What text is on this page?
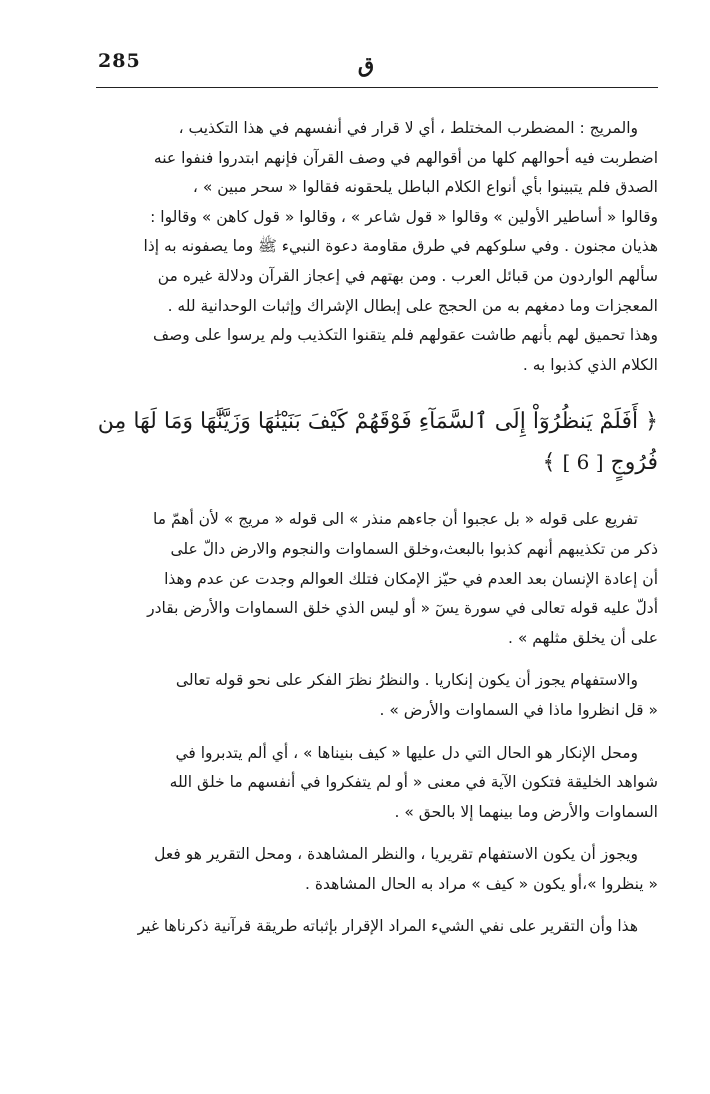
285	ق

والمريج : المضطرب المختلط ، أي لا قرار في أنفسهم في هذا التكذيب ،

اضطربت فيه أحوالهم كلها من أقوالهم في وصف القرآن فإنهم ابتدروا فنفوا عنه

الصدق فلم يتبينوا بأي أنواع الكلام الباطل يلحقونه فقالوا « سحر مبين » ،

وقالوا « أساطير الأولين » وقالوا « قول شاعر » ، وقالوا « قول كاهن » وقالوا :

هذيان مجنون . وفي سلوكهم في طرق مقاومة دعوة النبيء ﷺ وما يصفونه به إذا

سألهم الواردون من قبائل العرب . ومن بهتهم في إعجاز القرآن ودلالة غيره من

المعجزات وما دمغهم به من الحجج على إبطال الإشراك وإثبات الوحدانية لله .

وهذا تحميق لهم بأنهم طاشت عقولهم فلم يتقنوا التكذيب ولم يرسوا على وصف

الكلام الذي كذبوا به .

﴿ أَفَلَمْ يَنظُرُوٓاْ إِلَى ٱلسَّمَآءِ فَوْقَهُمْ كَيْفَ بَنَيْنَٰهَا وَزَيَّنَّٰهَا وَمَا لَهَا مِن
فُرُوجٍ [ 6 ] ﴾

تفريع على قوله « بل عجبوا أن جاءهم منذر » الى قوله « مريج » لأن أهمّ ما

ذكر من تكذيبهم أنهم كذبوا بالبعث،وخلق السماوات والنجوم والارض دالّ على

أن إعادة الإنسان بعد العدم في حيّز الإمكان فتلك العوالم وجدت عن عدم وهذا

أدلّ عليه قوله تعالى في سورة يسٓ « أو ليس الذي خلق السماوات والأرض بقادر

على أن يخلق مثلهم » .

والاستفهام يجوز أن يكون إنكاريا . والنظرُ نظرَ الفكر على نحو قوله تعالى

« قل انظروا ماذا في السماوات والأرض » .

ومحل الإنكار هو الحال التي دل عليها « كيف بنيناها » ، أي ألم يتدبروا في

شواهد الخليقة فتكون الآية في معنى « أو لم يتفكروا في أنفسهم ما خلق الله

السماوات والأرض وما بينهما إلا بالحق » .

ويجوز أن يكون الاستفهام تقريريا ، والنظر المشاهدة ، ومحل التقرير هو فعل

« ينظروا »،أو يكون « كيف » مراد به الحال المشاهدة .

هذا وأن التقرير على نفي الشيء المراد الإقرار بإثباته طريقة قرآنية ذكرناها غير
